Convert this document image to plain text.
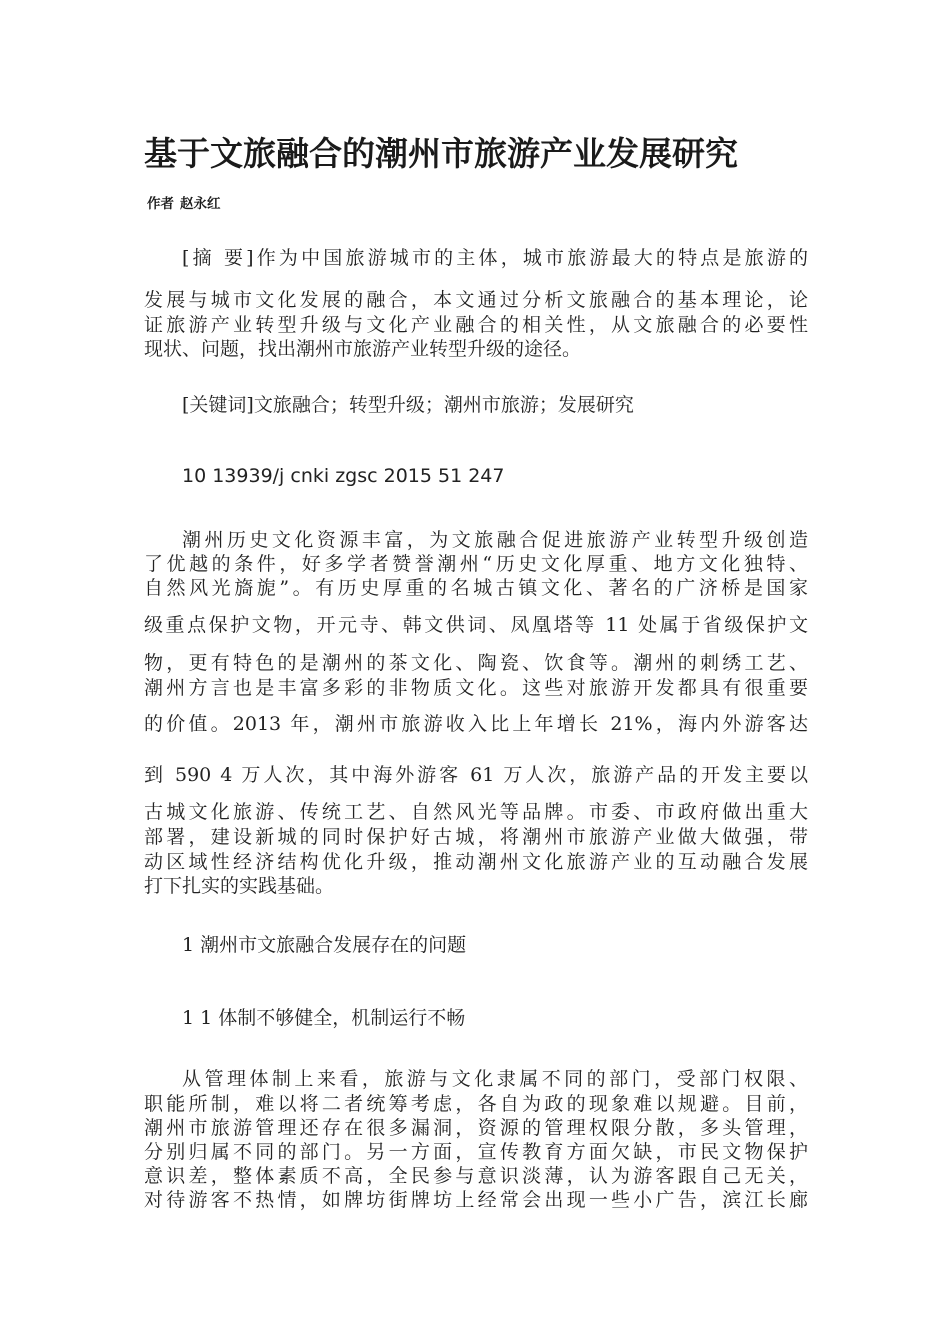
基于文旅融合的潮州市旅游产业发展研究
作者 赵永红
[摘 要]作为中国旅游城市的主体，城市旅游最大的特点是旅游的
发展与城市文化发展的融合，本文通过分析文旅融合的基本理论，论
证旅游产业转型升级与文化产业融合的相关性，从文旅融合的必要性
现状、问题，找出潮州市旅游产业转型升级的途径。
[关键词]文旅融合；转型升级；潮州市旅游；发展研究
10 13939/j cnki zgsc 2015 51 247
潮州历史文化资源丰富，为文旅融合促进旅游产业转型升级创造
了优越的条件，好多学者赞誉潮州“历史文化厚重、地方文化独特、
自然风光旖旎”。有历史厚重的名城古镇文化、著名的广济桥是国家
级重点保护文物，开元寺、韩文供词、凤凰塔等 11 处属于省级保护文
物，更有特色的是潮州的茶文化、陶瓷、饮食等。潮州的刺绣工艺、
潮州方言也是丰富多彩的非物质文化。这些对旅游开发都具有很重要
的价值。2013 年，潮州市旅游收入比上年增长 21%，海内外游客达
到 590 4 万人次，其中海外游客 61 万人次，旅游产品的开发主要以
古城文化旅游、传统工艺、自然风光等品牌。市委、市政府做出重大
部署，建设新城的同时保护好古城，将潮州市旅游产业做大做强，带
动区域性经济结构优化升级，推动潮州文化旅游产业的互动融合发展
打下扎实的实践基础。
1 潮州市文旅融合发展存在的问题
1 1 体制不够健全，机制运行不畅
从管理体制上来看，旅游与文化隶属不同的部门，受部门权限、
职能所制，难以将二者统筹考虑，各自为政的现象难以规避。目前，
潮州市旅游管理还存在很多漏洞，资源的管理权限分散，多头管理，
分别归属不同的部门。另一方面，宣传教育方面欠缺，市民文物保护
意识差，整体素质不高，全民参与意识淡薄，认为游客跟自己无关，
对待游客不热情，如牌坊街牌坊上经常会出现一些小广告，滨江长廊
